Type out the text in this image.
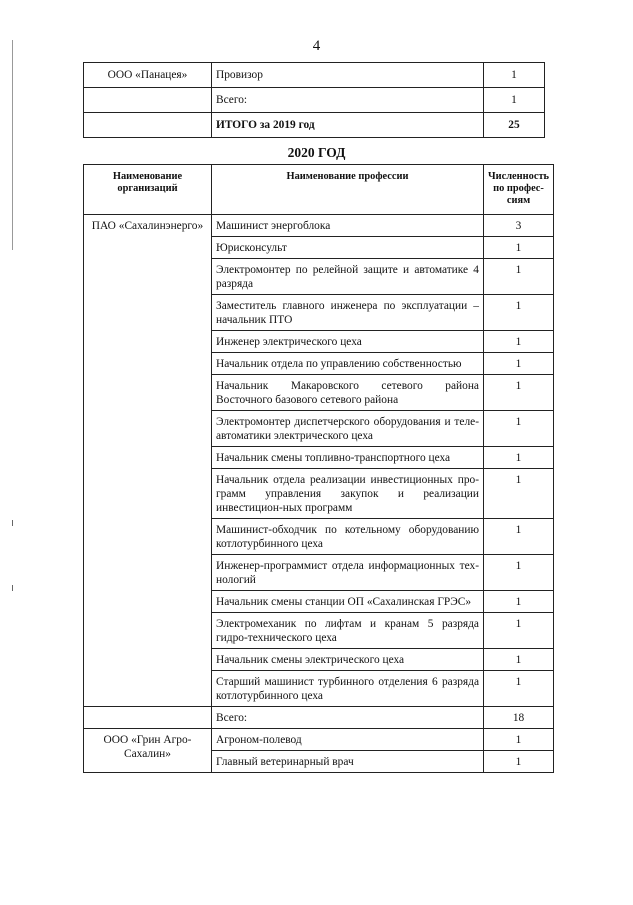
4
ООО «Панацея»	Провизор	1
	Всего:	1
	ИТОГО за 2019 год	25
2020 ГОД
Наименование организаций	Наименование профессии	Численность по профес-сиям
ПАО «Сахалинэнерго»	Машинист энергоблока	3
	Юрисконсульт	1
	Электромонтер по релейной защите и автоматике 4 разряда	1
	Заместитель главного инженера по эксплуатации – начальник ПТО	1
	Инженер электрического цеха	1
	Начальник отдела по управлению собственностью	1
	Начальник Макаровского сетевого района Восточного базового сетевого района	1
	Электромонтер диспетчерского оборудования и теле-автоматики электрического цеха	1
	Начальник смены топливно-транспортного цеха	1
	Начальник отдела реализации инвестиционных про-грамм управления закупок и реализации инвестицион-ных программ	1
	Машинист-обходчик по котельному оборудованию котлотурбинного цеха	1
	Инженер-программист отдела информационных тех-нологий	1
	Начальник смены станции ОП «Сахалинская ГРЭС»	1
	Электромеханик по лифтам и кранам 5 разряда гидро-технического цеха	1
	Начальник смены электрического цеха	1
	Старший машинист турбинного отделения 6 разряда котлотурбинного цеха	1
	Всего:	18
ООО «Грин Агро-Сахалин»	Агроном-полевод	1
	Главный ветеринарный врач	1
